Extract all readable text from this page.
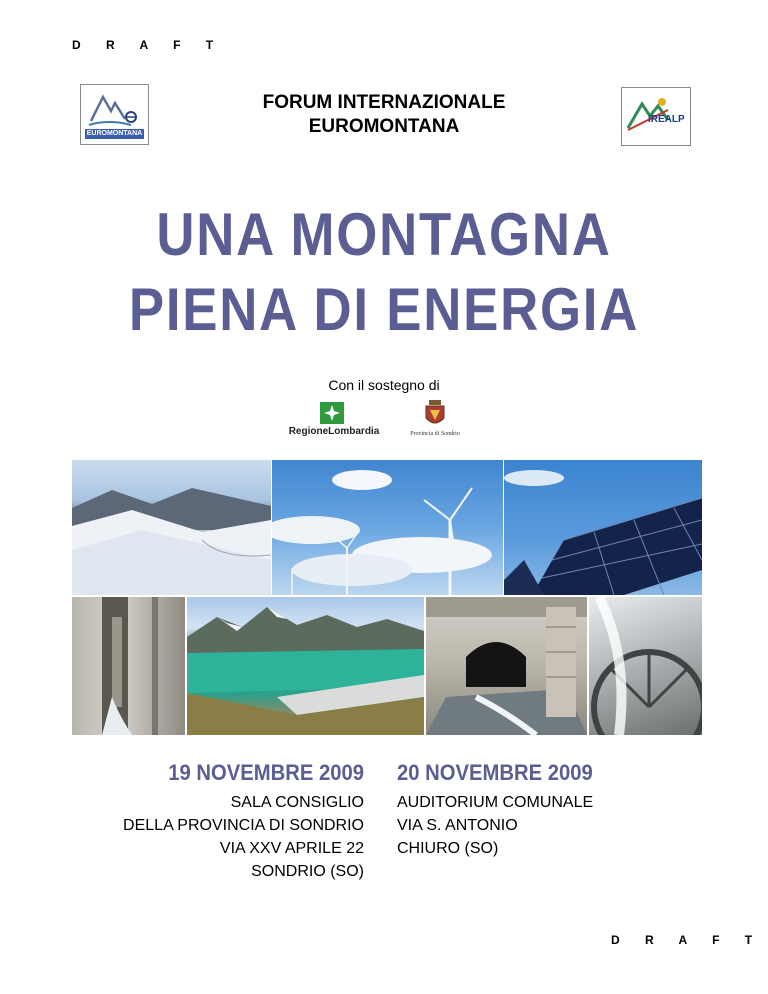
D R A F T
D R A F T
EUROMONTANA
FORUM INTERNAZIONALE
EUROMONTANA	IREALP
UNA MONTAGNA
PIENA DI ENERGIA
Con il sostegno di
RegioneLombardia	Provincia di Sondrio
19 NOVEMBRE 2009
SALA CONSIGLIO
DELLA PROVINCIA DI SONDRIO
VIA XXV APRILE 22
SONDRIO (SO)
20 NOVEMBRE 2009
AUDITORIUM COMUNALE
VIA S. ANTONIO
CHIURO (SO)
